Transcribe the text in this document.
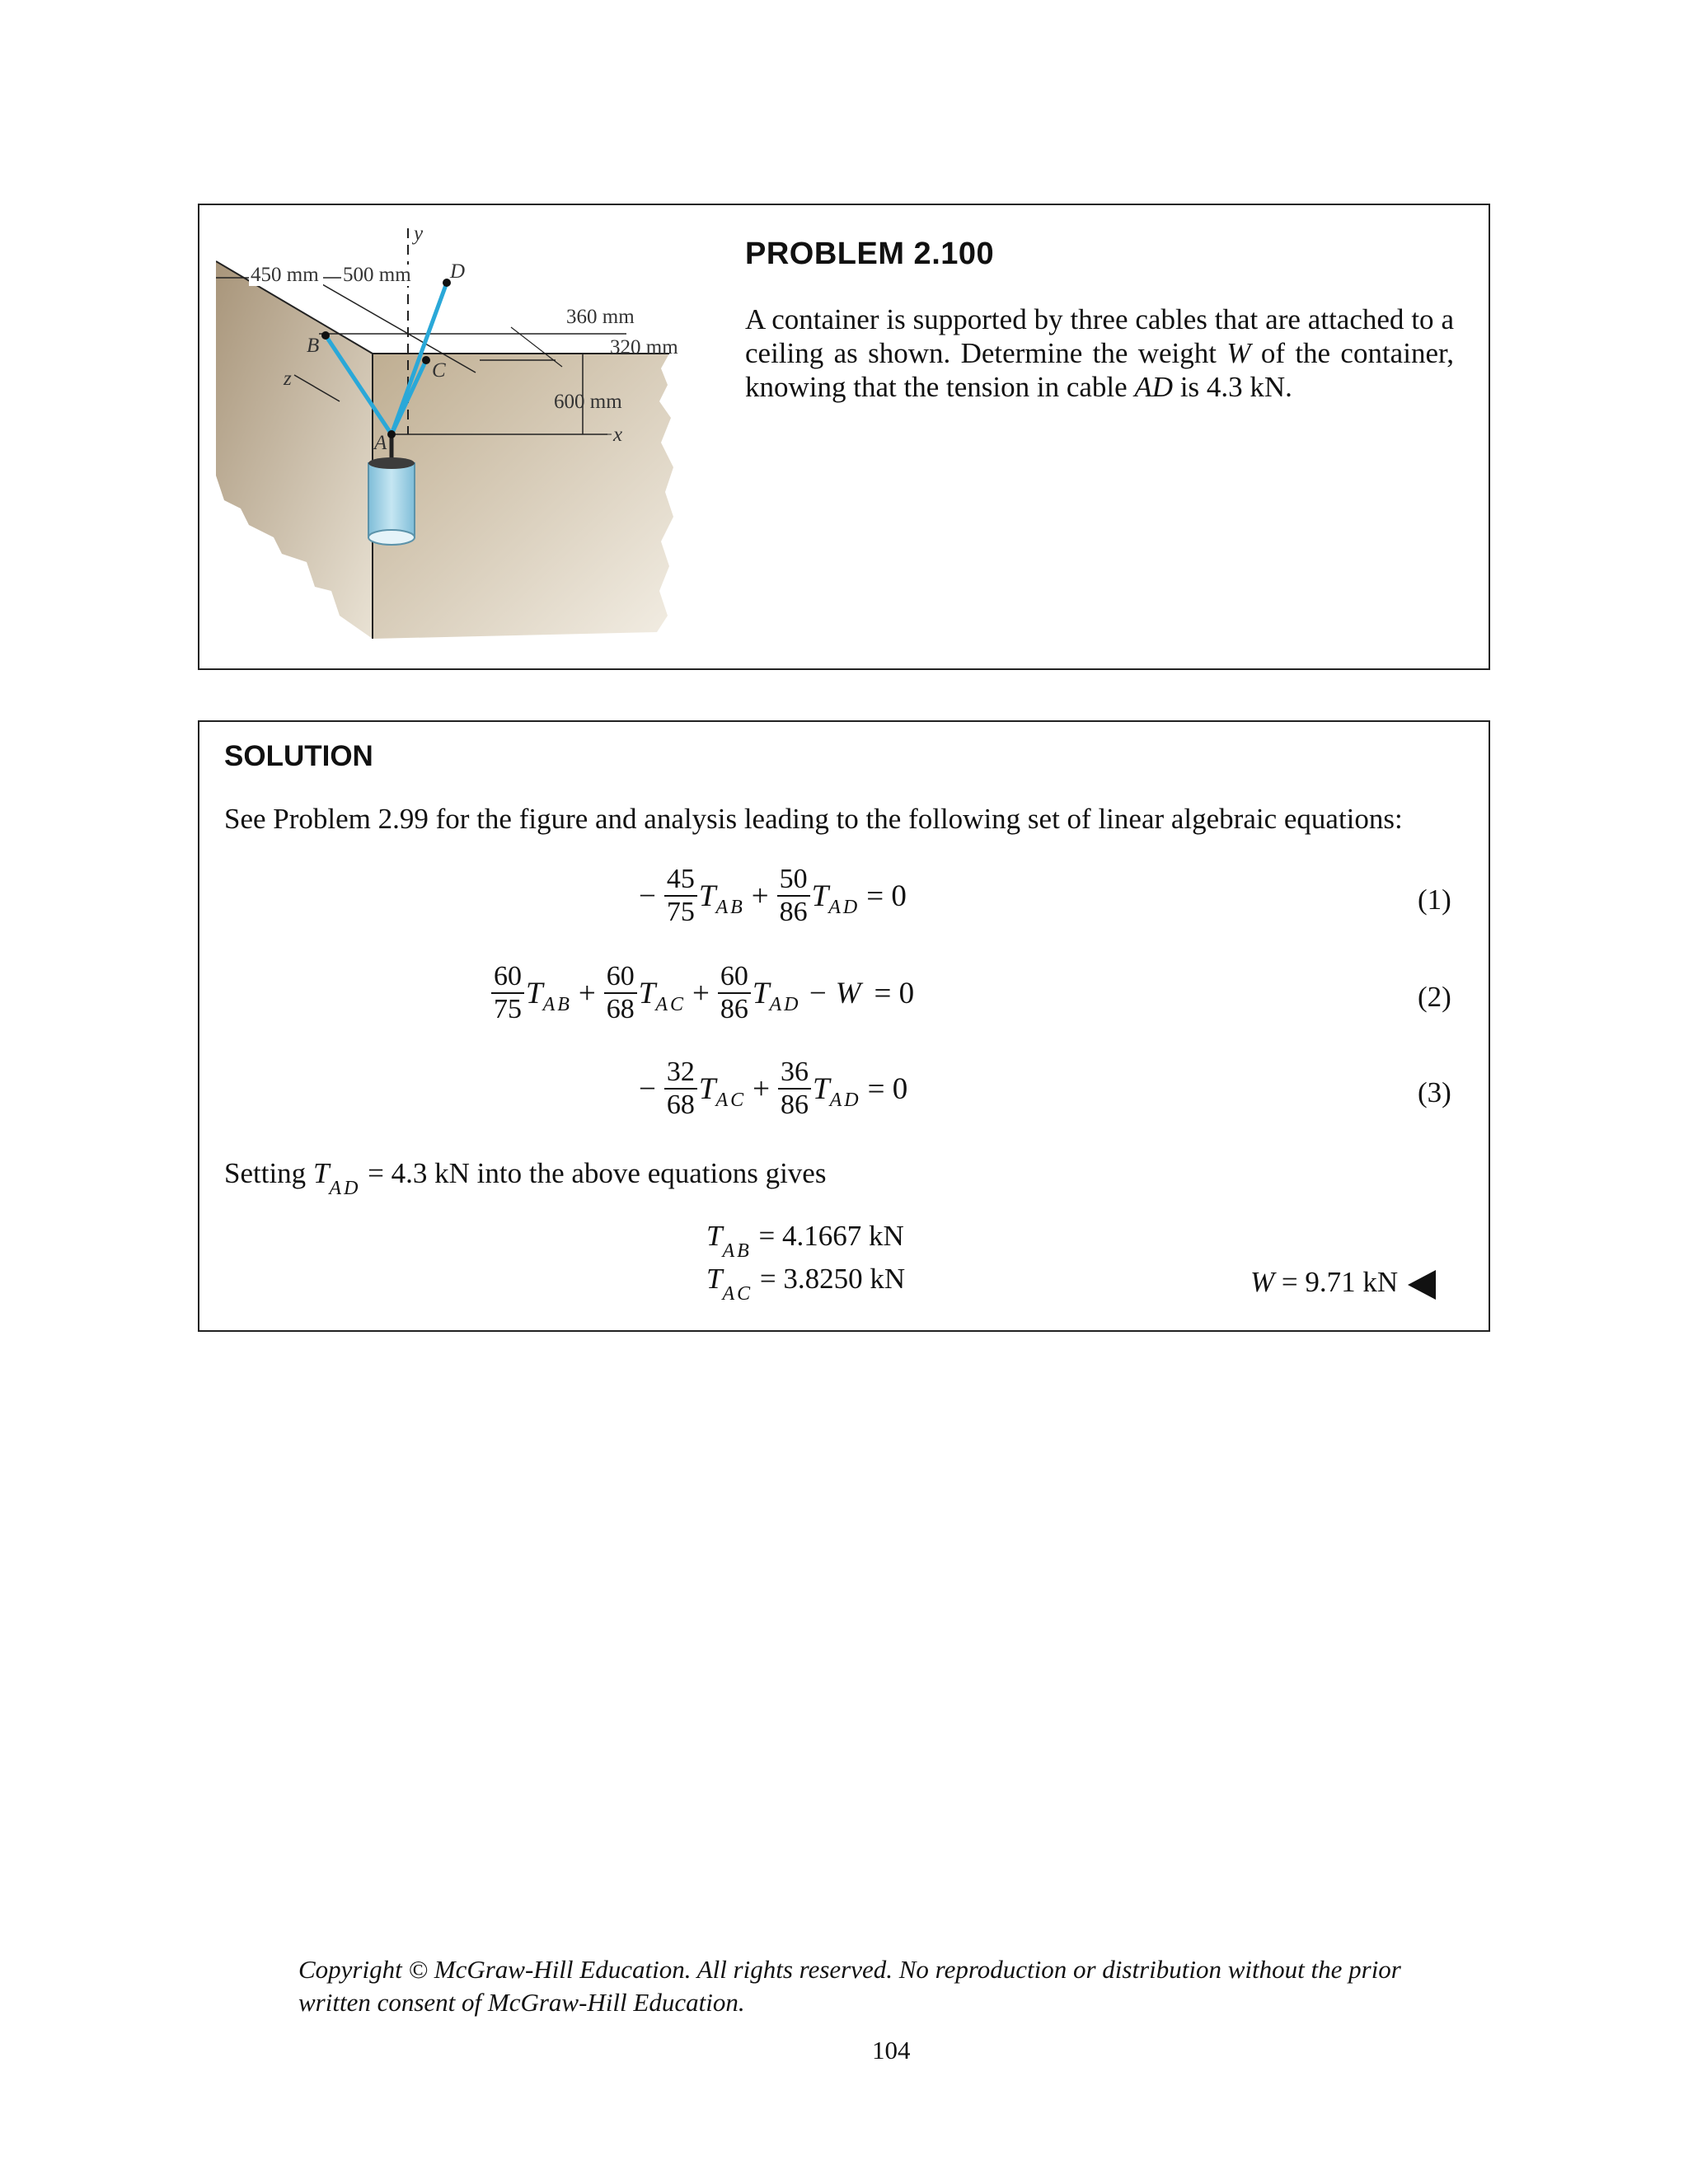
450 mm 500 mm
360 mm
320 mm
600 mm
y
x
z
A
B
C
D
PROBLEM 2.100
A container is supported by three cables that are attached to a ceiling as shown. Determine the weight W of the container, knowing that the tension in cable AD is 4.3 kN.
SOLUTION
See Problem 2.99 for the figure and analysis leading to the following set of linear algebraic equations:
− $\frac{45}{75}$ T AB + $\frac{50}{86}$ T AD = 0	(1)
$\frac{60}{75}$ T AB + $\frac{60}{68}$ T AC + $\frac{60}{86}$ T AD − W = 0	(2)
− $\frac{32}{68}$ T AC + $\frac{36}{86}$ T AD = 0	(3)
Setting $T_{AD} = 4.3$ kN into the above equations gives
$T_{AB} = 4.1667$ kN
$T_{AC} = 3.8250$ kN	W = 9.71 kN
Copyright © McGraw-Hill Education. All rights reserved. No reproduction or distribution without the prior written consent of McGraw-Hill Education.
104
